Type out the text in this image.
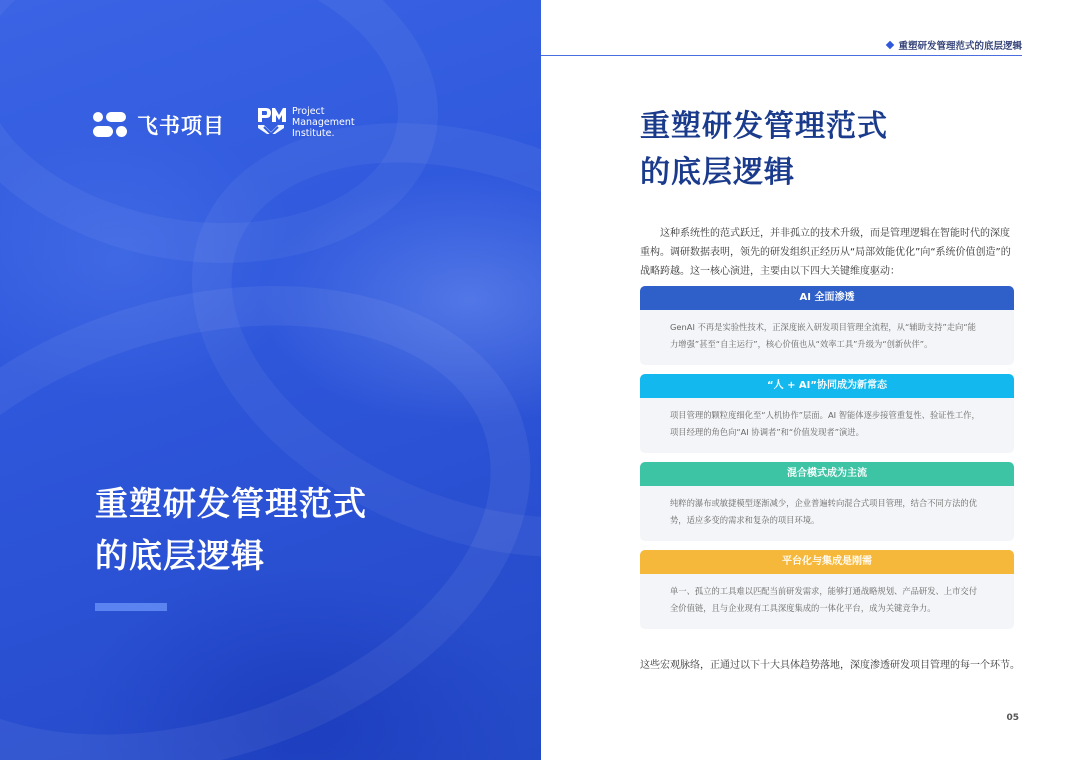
飞书项目
Project
Management
Institute.
重塑研发管理范式
的底层逻辑
重塑研发管理范式的底层逻辑
重塑研发管理范式
的底层逻辑

这种系统性的范式跃迁，并非孤立的技术升级，而是管理逻辑在智能时代的深度重构。调研数据表明，领先的研发组织正经历从“局部效能优化”向“系统价值创造”的战略跨越。这一核心演进，主要由以下四大关键维度驱动：

AI 全面渗透
GenAI 不再是实验性技术，正深度嵌入研发项目管理全流程，从“辅助支持”走向“能力增强”甚至“自主运行”，核心价值也从“效率工具”升级为“创新伙伴”。
“人 + AI”协同成为新常态
项目管理的颗粒度细化至“人机协作”层面。AI 智能体逐步接管重复性、验证性工作，项目经理的角色向“AI 协调者”和“价值发现者”演进。
混合模式成为主流
纯粹的瀑布或敏捷模型逐渐减少，企业普遍转向混合式项目管理，结合不同方法的优势，适应多变的需求和复杂的项目环境。
平台化与集成是刚需
单一、孤立的工具难以匹配当前研发需求，能够打通战略规划、产品研发、上市交付全价值链，且与企业现有工具深度集成的一体化平台，成为关键竞争力。
这些宏观脉络，正通过以下十大具体趋势落地，深度渗透研发项目管理的每一个环节。
05
